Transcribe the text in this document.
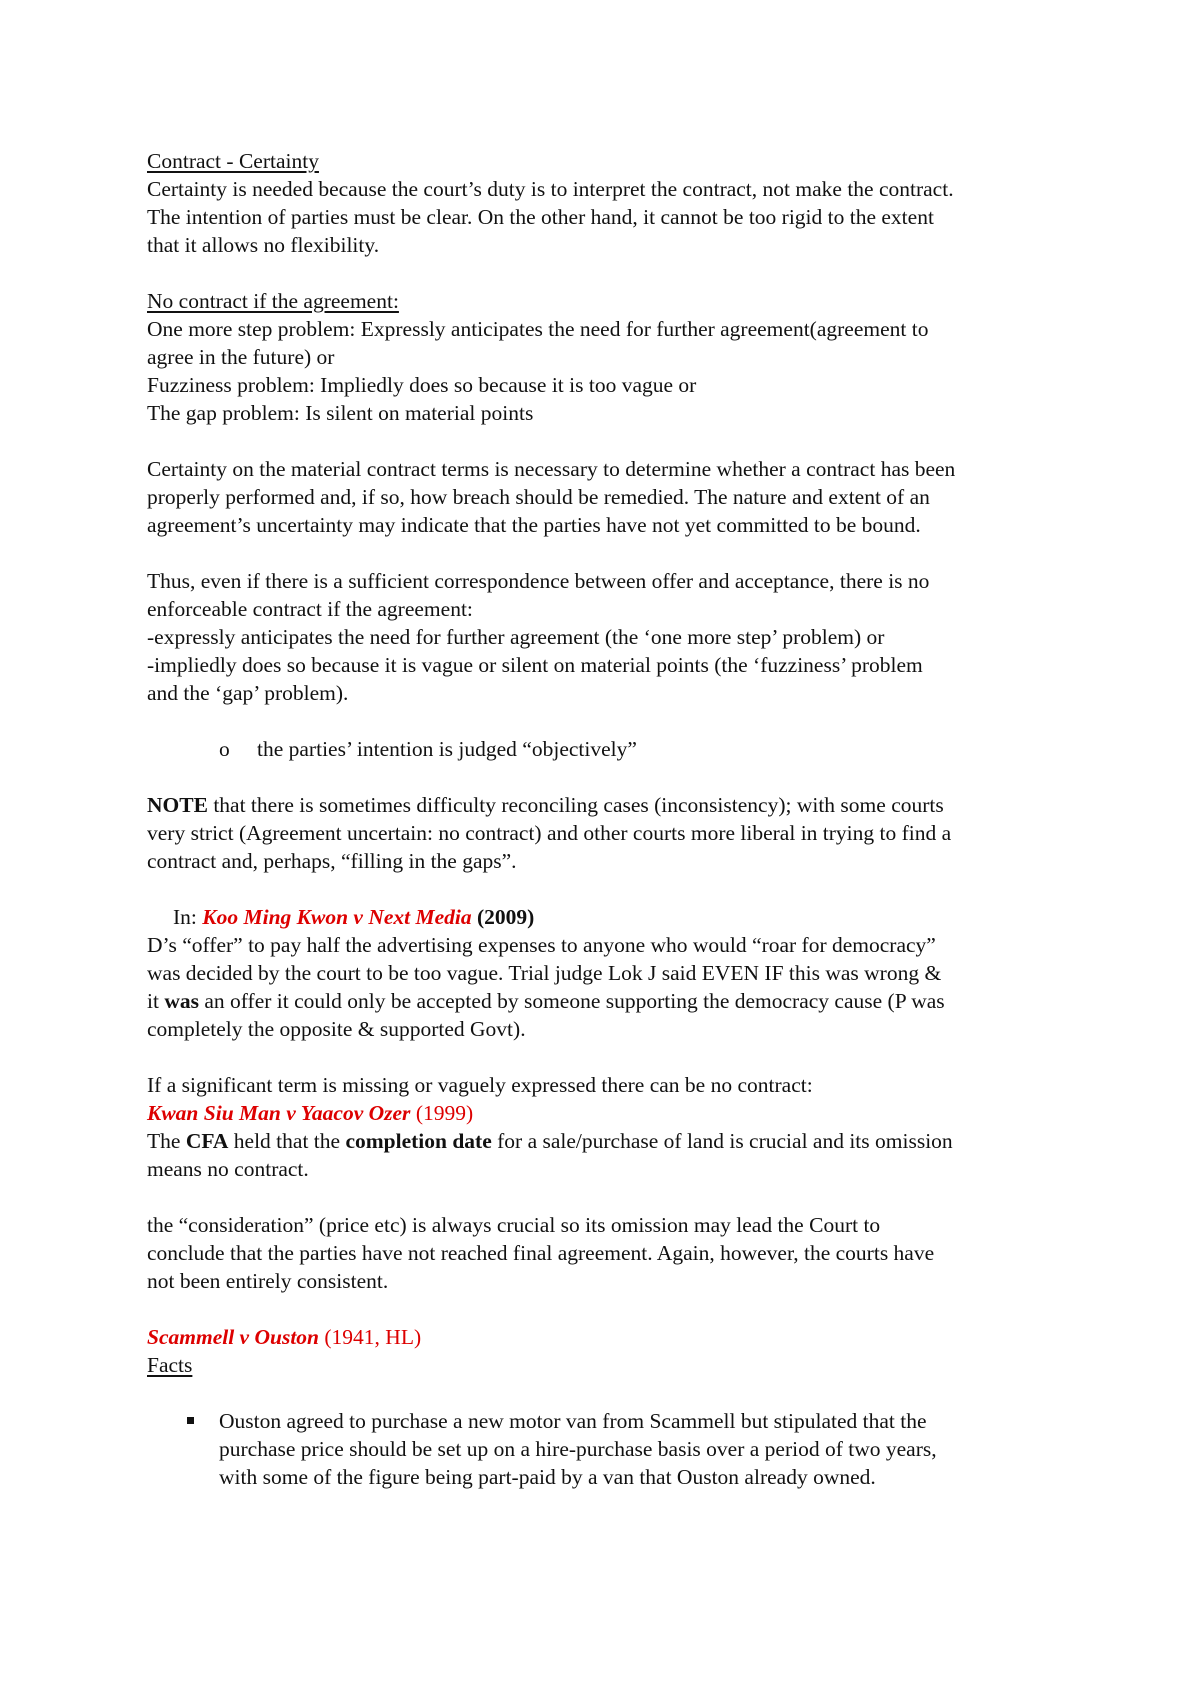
Contract - Certainty
Certainty is needed because the court’s duty is to interpret the contract, not make the contract.
The intention of parties must be clear. On the other hand, it cannot be too rigid to the extent
that it allows no flexibility.
No contract if the agreement:
One more step problem: Expressly anticipates the need for further agreement(agreement to
agree in the future) or
Fuzziness problem: Impliedly does so because it is too vague or
The gap problem: Is silent on material points
Certainty on the material contract terms is necessary to determine whether a contract has been
properly performed and, if so, how breach should be remedied. The nature and extent of an
agreement’s uncertainty may indicate that the parties have not yet committed to be bound.
Thus, even if there is a sufficient correspondence between offer and acceptance, there is no
enforceable contract if the agreement:
-expressly anticipates the need for further agreement (the ‘one more step’ problem) or
-impliedly does so because it is vague or silent on material points (the ‘fuzziness’ problem
and the ‘gap’ problem).
o the parties’ intention is judged “objectively”
NOTE that there is sometimes difficulty reconciling cases (inconsistency); with some courts
very strict (Agreement uncertain: no contract) and other courts more liberal in trying to find a
contract and, perhaps, “filling in the gaps”.
In: Koo Ming Kwon v Next Media (2009)
D’s “offer” to pay half the advertising expenses to anyone who would “roar for democracy”
was decided by the court to be too vague. Trial judge Lok J said EVEN IF this was wrong &
it was an offer it could only be accepted by someone supporting the democracy cause (P was
completely the opposite & supported Govt).
If a significant term is missing or vaguely expressed there can be no contract:
Kwan Siu Man v Yaacov Ozer (1999)
The CFA held that the completion date for a sale/purchase of land is crucial and its omission
means no contract.
the “consideration” (price etc) is always crucial so its omission may lead the Court to
conclude that the parties have not reached final agreement. Again, however, the courts have
not been entirely consistent.
Scammell v Ouston (1941, HL)
Facts
Ouston agreed to purchase a new motor van from Scammell but stipulated that the
purchase price should be set up on a hire-purchase basis over a period of two years,
with some of the figure being part-paid by a van that Ouston already owned.
